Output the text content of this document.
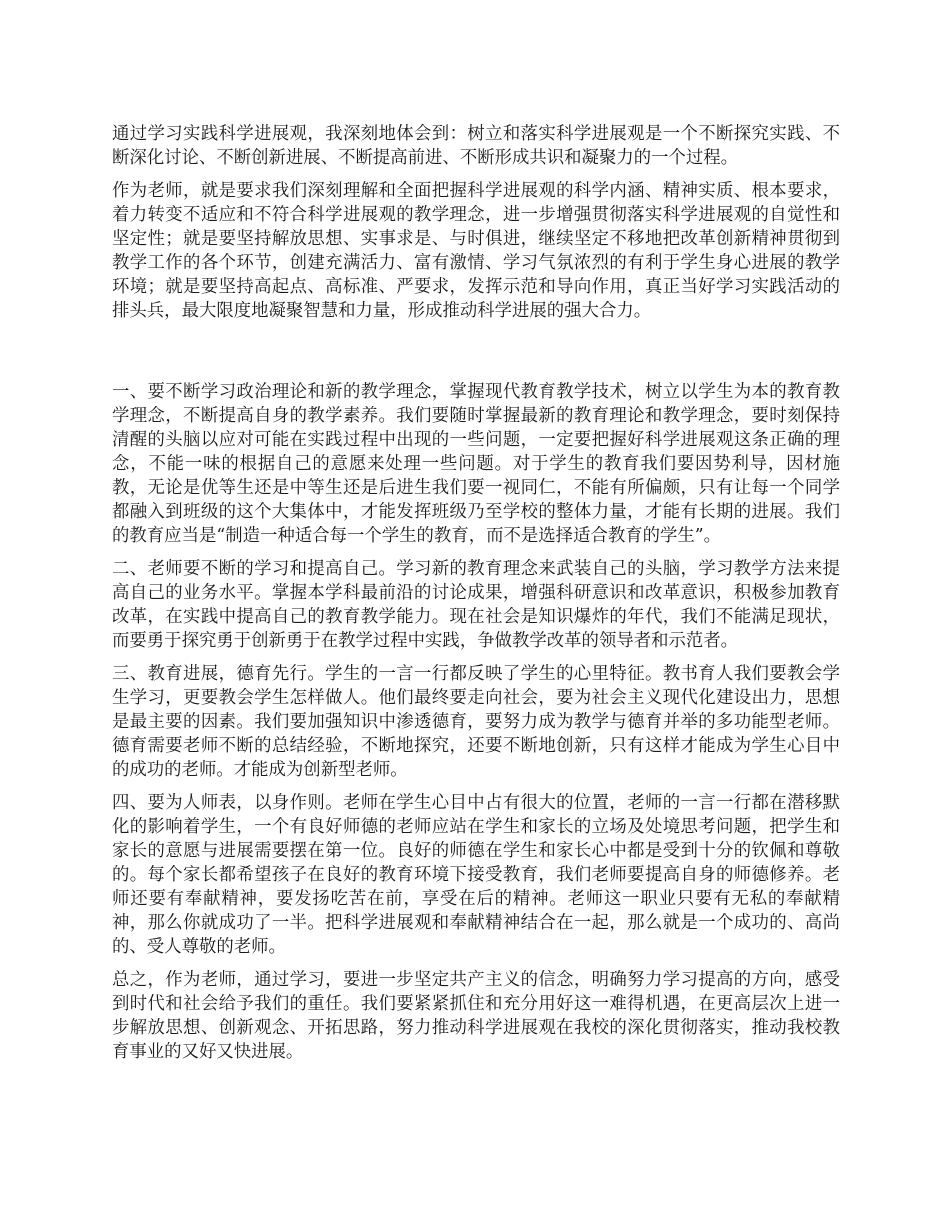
通过学习实践科学进展观，我深刻地体会到：树立和落实科学进展观是一个不断探究实践、不断深化讨论、不断创新进展、不断提高前进、不断形成共识和凝聚力的一个过程。

作为老师，就是要求我们深刻理解和全面把握科学进展观的科学内涵、精神实质、根本要求，着力转变不适应和不符合科学进展观的教学理念，进一步增强贯彻落实科学进展观的自觉性和坚定性；就是要坚持解放思想、实事求是、与时俱进，继续坚定不移地把改革创新精神贯彻到教学工作的各个环节，创建充满活力、富有激情、学习气氛浓烈的有利于学生身心进展的教学环境；就是要坚持高起点、高标准、严要求，发挥示范和导向作用，真正当好学习实践活动的排头兵，最大限度地凝聚智慧和力量，形成推动科学进展的强大合力。

一、要不断学习政治理论和新的教学理念，掌握现代教育教学技术，树立以学生为本的教育教学理念，不断提高自身的教学素养。我们要随时掌握最新的教育理论和教学理念，要时刻保持清醒的头脑以应对可能在实践过程中出现的一些问题，一定要把握好科学进展观这条正确的理念，不能一味的根据自己的意愿来处理一些问题。对于学生的教育我们要因势利导，因材施教，无论是优等生还是中等生还是后进生我们要一视同仁，不能有所偏颇，只有让每一个同学都融入到班级的这个大集体中，才能发挥班级乃至学校的整体力量，才能有长期的进展。我们的教育应当是“制造一种适合每一个学生的教育，而不是选择适合教育的学生”。

二、老师要不断的学习和提高自己。学习新的教育理念来武装自己的头脑，学习教学方法来提高自己的业务水平。掌握本学科最前沿的讨论成果，增强科研意识和改革意识，积极参加教育改革，在实践中提高自己的教育教学能力。现在社会是知识爆炸的年代，我们不能满足现状，而要勇于探究勇于创新勇于在教学过程中实践，争做教学改革的领导者和示范者。

三、教育进展，德育先行。学生的一言一行都反映了学生的心里特征。教书育人我们要教会学生学习，更要教会学生怎样做人。他们最终要走向社会，要为社会主义现代化建设出力，思想是最主要的因素。我们要加强知识中渗透德育，要努力成为教学与德育并举的多功能型老师。德育需要老师不断的总结经验，不断地探究，还要不断地创新，只有这样才能成为学生心目中的成功的老师。才能成为创新型老师。

四、要为人师表，以身作则。老师在学生心目中占有很大的位置，老师的一言一行都在潜移默化的影响着学生，一个有良好师德的老师应站在学生和家长的立场及处境思考问题，把学生和家长的意愿与进展需要摆在第一位。良好的师德在学生和家长心中都是受到十分的钦佩和尊敬的。每个家长都希望孩子在良好的教育环境下接受教育，我们老师要提高自身的师德修养。老师还要有奉献精神，要发扬吃苦在前，享受在后的精神。老师这一职业只要有无私的奉献精神，那么你就成功了一半。把科学进展观和奉献精神结合在一起，那么就是一个成功的、高尚的、受人尊敬的老师。

总之，作为老师，通过学习，要进一步坚定共产主义的信念，明确努力学习提高的方向，感受到时代和社会给予我们的重任。我们要紧紧抓住和充分用好这一难得机遇，在更高层次上进一步解放思想、创新观念、开拓思路，努力推动科学进展观在我校的深化贯彻落实，推动我校教育事业的又好又快进展。
